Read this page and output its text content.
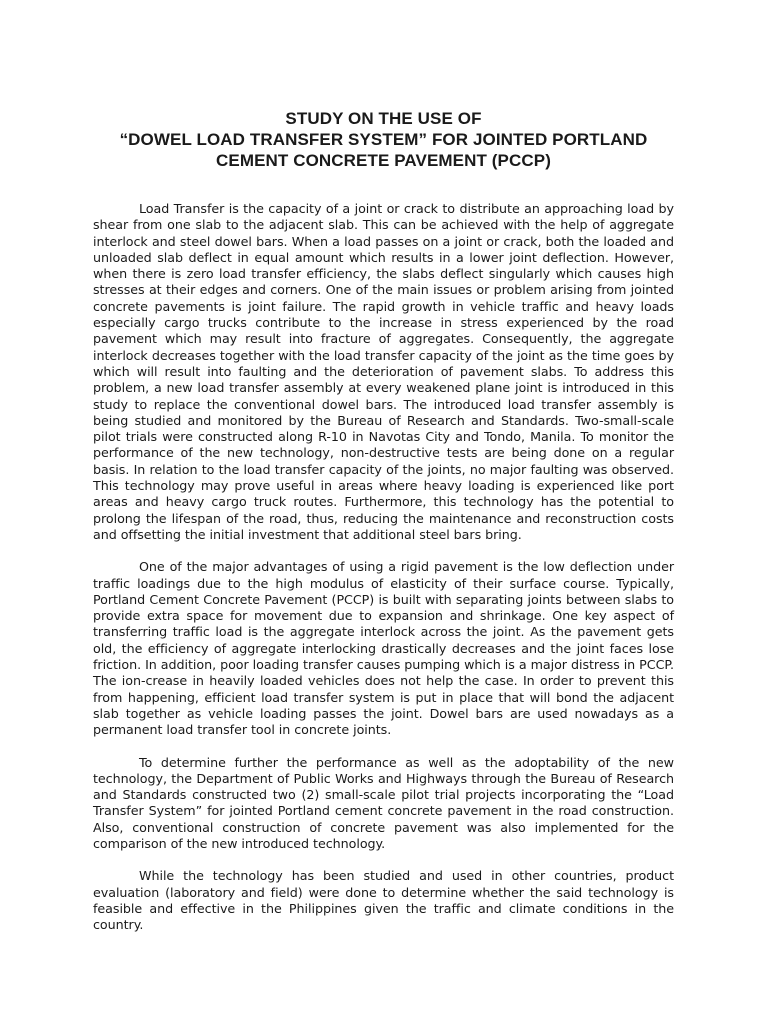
STUDY ON THE USE OF
“DOWEL LOAD TRANSFER SYSTEM” FOR JOINTED PORTLAND
CEMENT CONCRETE PAVEMENT (PCCP)

Load Transfer is the capacity of a joint or crack to distribute an approaching load by shear from one slab to the adjacent slab. This can be achieved with the help of aggregate interlock and steel dowel bars. When a load passes on a joint or crack, both the loaded and unloaded slab deflect in equal amount which results in a lower joint deflection. However, when there is zero load transfer efficiency, the slabs deflect singularly which causes high stresses at their edges and corners. One of the main issues or problem arising from jointed concrete pavements is joint failure. The rapid growth in vehicle traffic and heavy loads especially cargo trucks contribute to the increase in stress experienced by the road pavement which may result into fracture of aggregates. Consequently, the aggregate interlock decreases together with the load transfer capacity of the joint as the time goes by which will result into faulting and the deterioration of pavement slabs. To address this problem, a new load transfer assembly at every weakened plane joint is introduced in this study to replace the conventional dowel bars. The introduced load transfer assembly is being studied and monitored by the Bureau of Research and Standards. Two-small-scale pilot trials were constructed along R-10 in Navotas City and Tondo, Manila. To monitor the performance of the new technology, non-destructive tests are being done on a regular basis. In relation to the load transfer capacity of the joints, no major faulting was observed. This technology may prove useful in areas where heavy loading is experienced like port areas and heavy cargo truck routes. Furthermore, this technology has the potential to prolong the lifespan of the road, thus, reducing the maintenance and reconstruction costs and offsetting the initial investment that additional steel bars bring.

One of the major advantages of using a rigid pavement is the low deflection under traffic loadings due to the high modulus of elasticity of their surface course. Typically, Portland Cement Concrete Pavement (PCCP) is built with separating joints between slabs to provide extra space for movement due to expansion and shrinkage. One key aspect of transferring traffic load is the aggregate interlock across the joint. As the pavement gets old, the efficiency of aggregate interlocking drastically decreases and the joint faces lose friction. In addition, poor loading transfer causes pumping which is a major distress in PCCP. The ion-crease in heavily loaded vehicles does not help the case. In order to prevent this from happening, efficient load transfer system is put in place that will bond the adjacent slab together as vehicle loading passes the joint. Dowel bars are used nowadays as a permanent load transfer tool in concrete joints.

To determine further the performance as well as the adoptability of the new technology, the Department of Public Works and Highways through the Bureau of Research and Standards constructed two (2) small-scale pilot trial projects incorporating the “Load Transfer System” for jointed Portland cement concrete pavement in the road construction. Also, conventional construction of concrete pavement was also implemented for the comparison of the new introduced technology.

While the technology has been studied and used in other countries, product evaluation (laboratory and field) were done to determine whether the said technology is feasible and effective in the Philippines given the traffic and climate conditions in the country.
